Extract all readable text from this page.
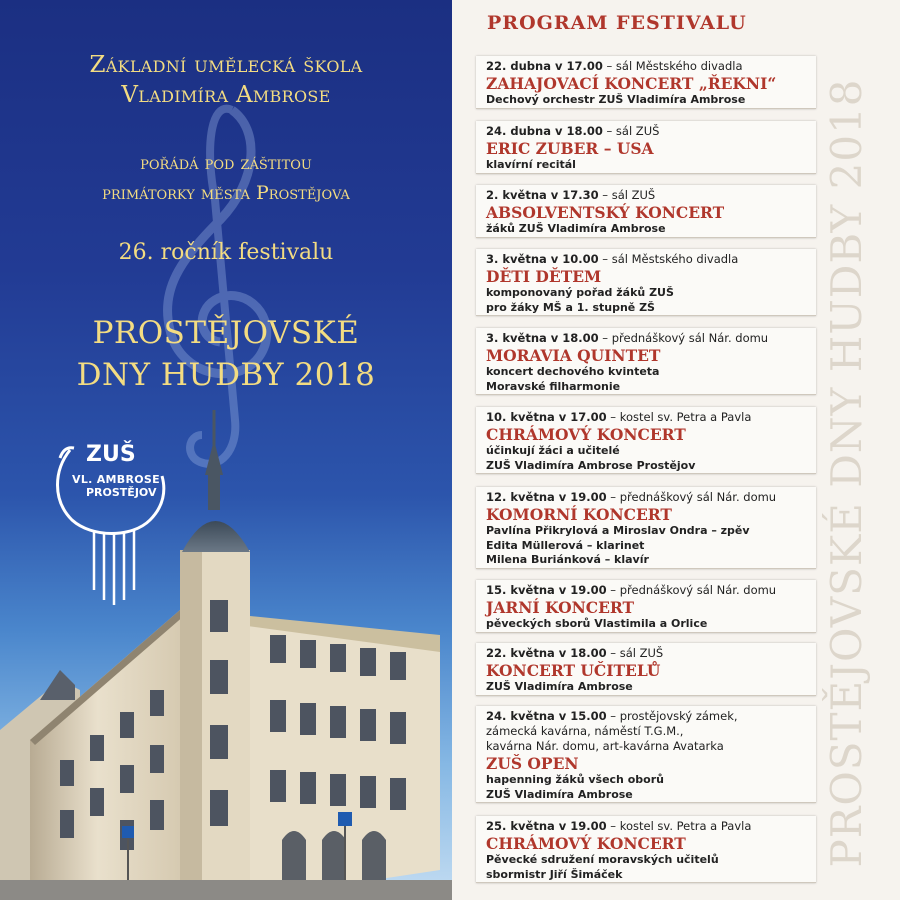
Základní umělecká škola
Vladimíra Ambrose
pořádá pod záštitou
primátorky města Prostějova
26. ročník festivalu
PROSTĚJOVSKÉ
DNY HUDBY 2018
ZUŠ
VL. AMBROSE
PROSTĚJOV	PROSTĚJOVSKÉ DNY HUDBY 2018
PROGRAM FESTIVALU
22. dubna v 17.00 – sál Městského divadla
ZAHAJOVACÍ KONCERT „ŘEKNI“
Dechový orchestr ZUŠ Vladimíra Ambrose
24. dubna v 18.00 – sál ZUŠ
ERIC ZUBER – USA
klavírní recitál
2. května v 17.30 – sál ZUŠ
ABSOLVENTSKÝ KONCERT
žáků ZUŠ Vladimíra Ambrose
3. května v 10.00 – sál Městského divadla
DĚTI DĚTEM
komponovaný pořad žáků ZUŠ
pro žáky MŠ a 1. stupně ZŠ
3. května v 18.00 – přednáškový sál Nár. domu
MORAVIA QUINTET
koncert dechového kvinteta
Moravské filharmonie
10. května v 17.00 – kostel sv. Petra a Pavla
CHRÁMOVÝ KONCERT
účinkují žáci a učitelé
ZUŠ Vladimíra Ambrose Prostějov
12. května v 19.00 – přednáškový sál Nár. domu
KOMORNÍ KONCERT
Pavlína Přikrylová a Miroslav Ondra – zpěv
Edita Müllerová – klarinet
Milena Buriánková – klavír
15. května v 19.00 – přednáškový sál Nár. domu
JARNÍ KONCERT
pěveckých sborů Vlastimila a Orlice
22. května v 18.00 – sál ZUŠ
KONCERT UČITELŮ
ZUŠ Vladimíra Ambrose
24. května v 15.00 – prostějovský zámek,
zámecká kavárna, náměstí T.G.M.,
kavárna Nár. domu, art-kavárna Avatarka
ZUŠ OPEN
hapenning žáků všech oborů
ZUŠ Vladimíra Ambrose
25. května v 19.00 – kostel sv. Petra a Pavla
CHRÁMOVÝ KONCERT
Pěvecké sdružení moravských učitelů
sbormistr Jiří Šimáček
